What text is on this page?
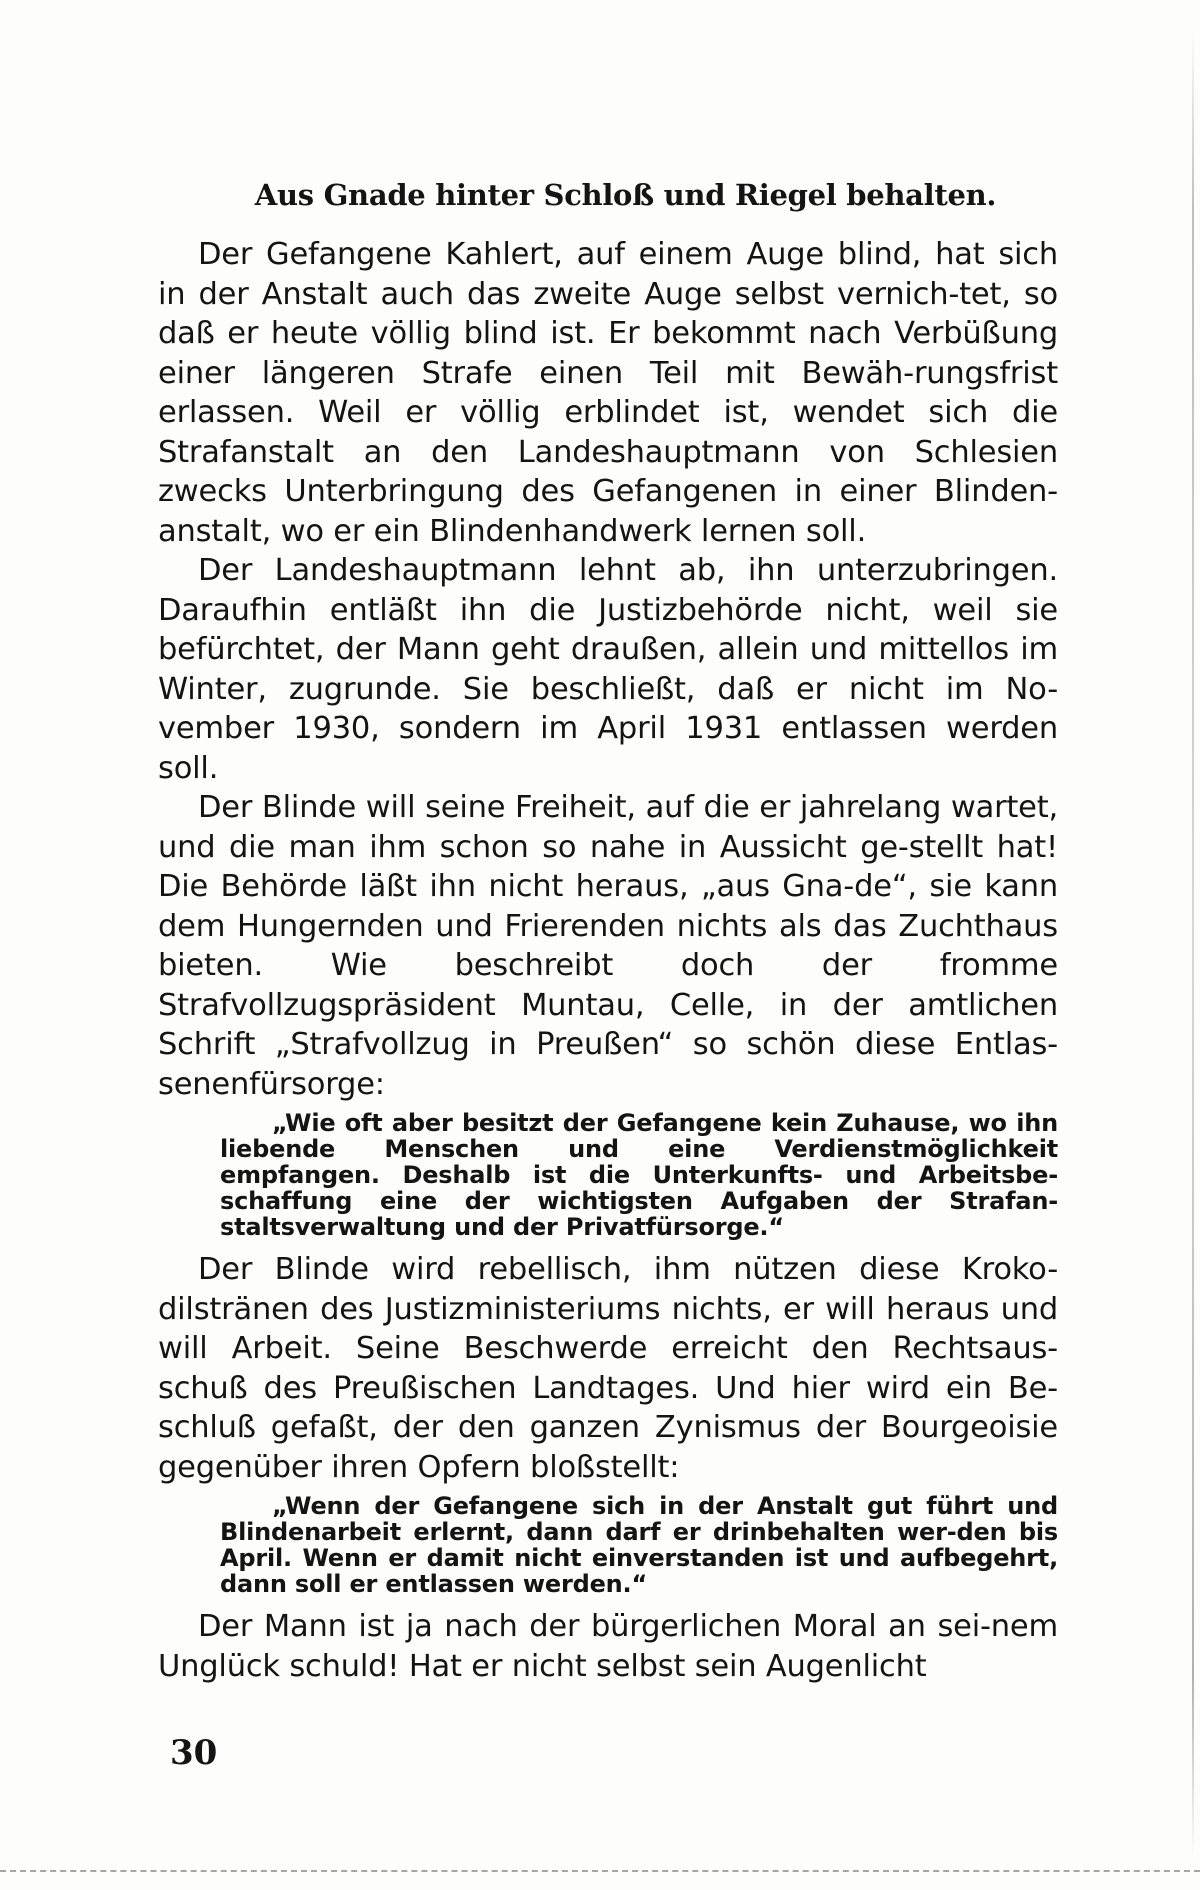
Aus Gnade hinter Schloß und Riegel behalten.

Der Gefangene Kahlert, auf einem Auge blind, hat sich in der Anstalt auch das zweite Auge selbst vernich-tet, so daß er heute völlig blind ist. Er bekommt nach Verbüßung einer längeren Strafe einen Teil mit Bewäh-rungsfrist erlassen. Weil er völlig erblindet ist, wendet sich die Strafanstalt an den Landeshauptmann von Schlesien zwecks Unterbringung des Gefangenen in einer Blinden-anstalt, wo er ein Blindenhandwerk lernen soll.

Der Landeshauptmann lehnt ab, ihn unterzubringen. Daraufhin entläßt ihn die Justizbehörde nicht, weil sie befürchtet, der Mann geht draußen, allein und mittellos im Winter, zugrunde. Sie beschließt, daß er nicht im No-vember 1930, sondern im April 1931 entlassen werden soll.

Der Blinde will seine Freiheit, auf die er jahrelang wartet, und die man ihm schon so nahe in Aussicht ge-stellt hat! Die Behörde läßt ihn nicht heraus, „aus Gna-de“, sie kann dem Hungernden und Frierenden nichts als das Zuchthaus bieten. Wie beschreibt doch der fromme Strafvollzugspräsident Muntau, Celle, in der amtlichen Schrift „Strafvollzug in Preußen“ so schön diese Entlas-senenfürsorge:

„Wie oft aber besitzt der Gefangene kein Zuhause, wo ihn liebende Menschen und eine Verdienstmöglichkeit empfangen. Deshalb ist die Unterkunfts- und Arbeitsbe-schaffung eine der wichtigsten Aufgaben der Strafan-staltsverwaltung und der Privatfürsorge.“

Der Blinde wird rebellisch, ihm nützen diese Kroko-dilstränen des Justizministeriums nichts, er will heraus und will Arbeit. Seine Beschwerde erreicht den Rechtsaus-schuß des Preußischen Landtages. Und hier wird ein Be-schluß gefaßt, der den ganzen Zynismus der Bourgeoisie gegenüber ihren Opfern bloßstellt:

„Wenn der Gefangene sich in der Anstalt gut führt und Blindenarbeit erlernt, dann darf er drinbehalten wer-den bis April. Wenn er damit nicht einverstanden ist und aufbegehrt, dann soll er entlassen werden.“

Der Mann ist ja nach der bürgerlichen Moral an sei-nem Unglück schuld! Hat er nicht selbst sein Augenlicht

30
